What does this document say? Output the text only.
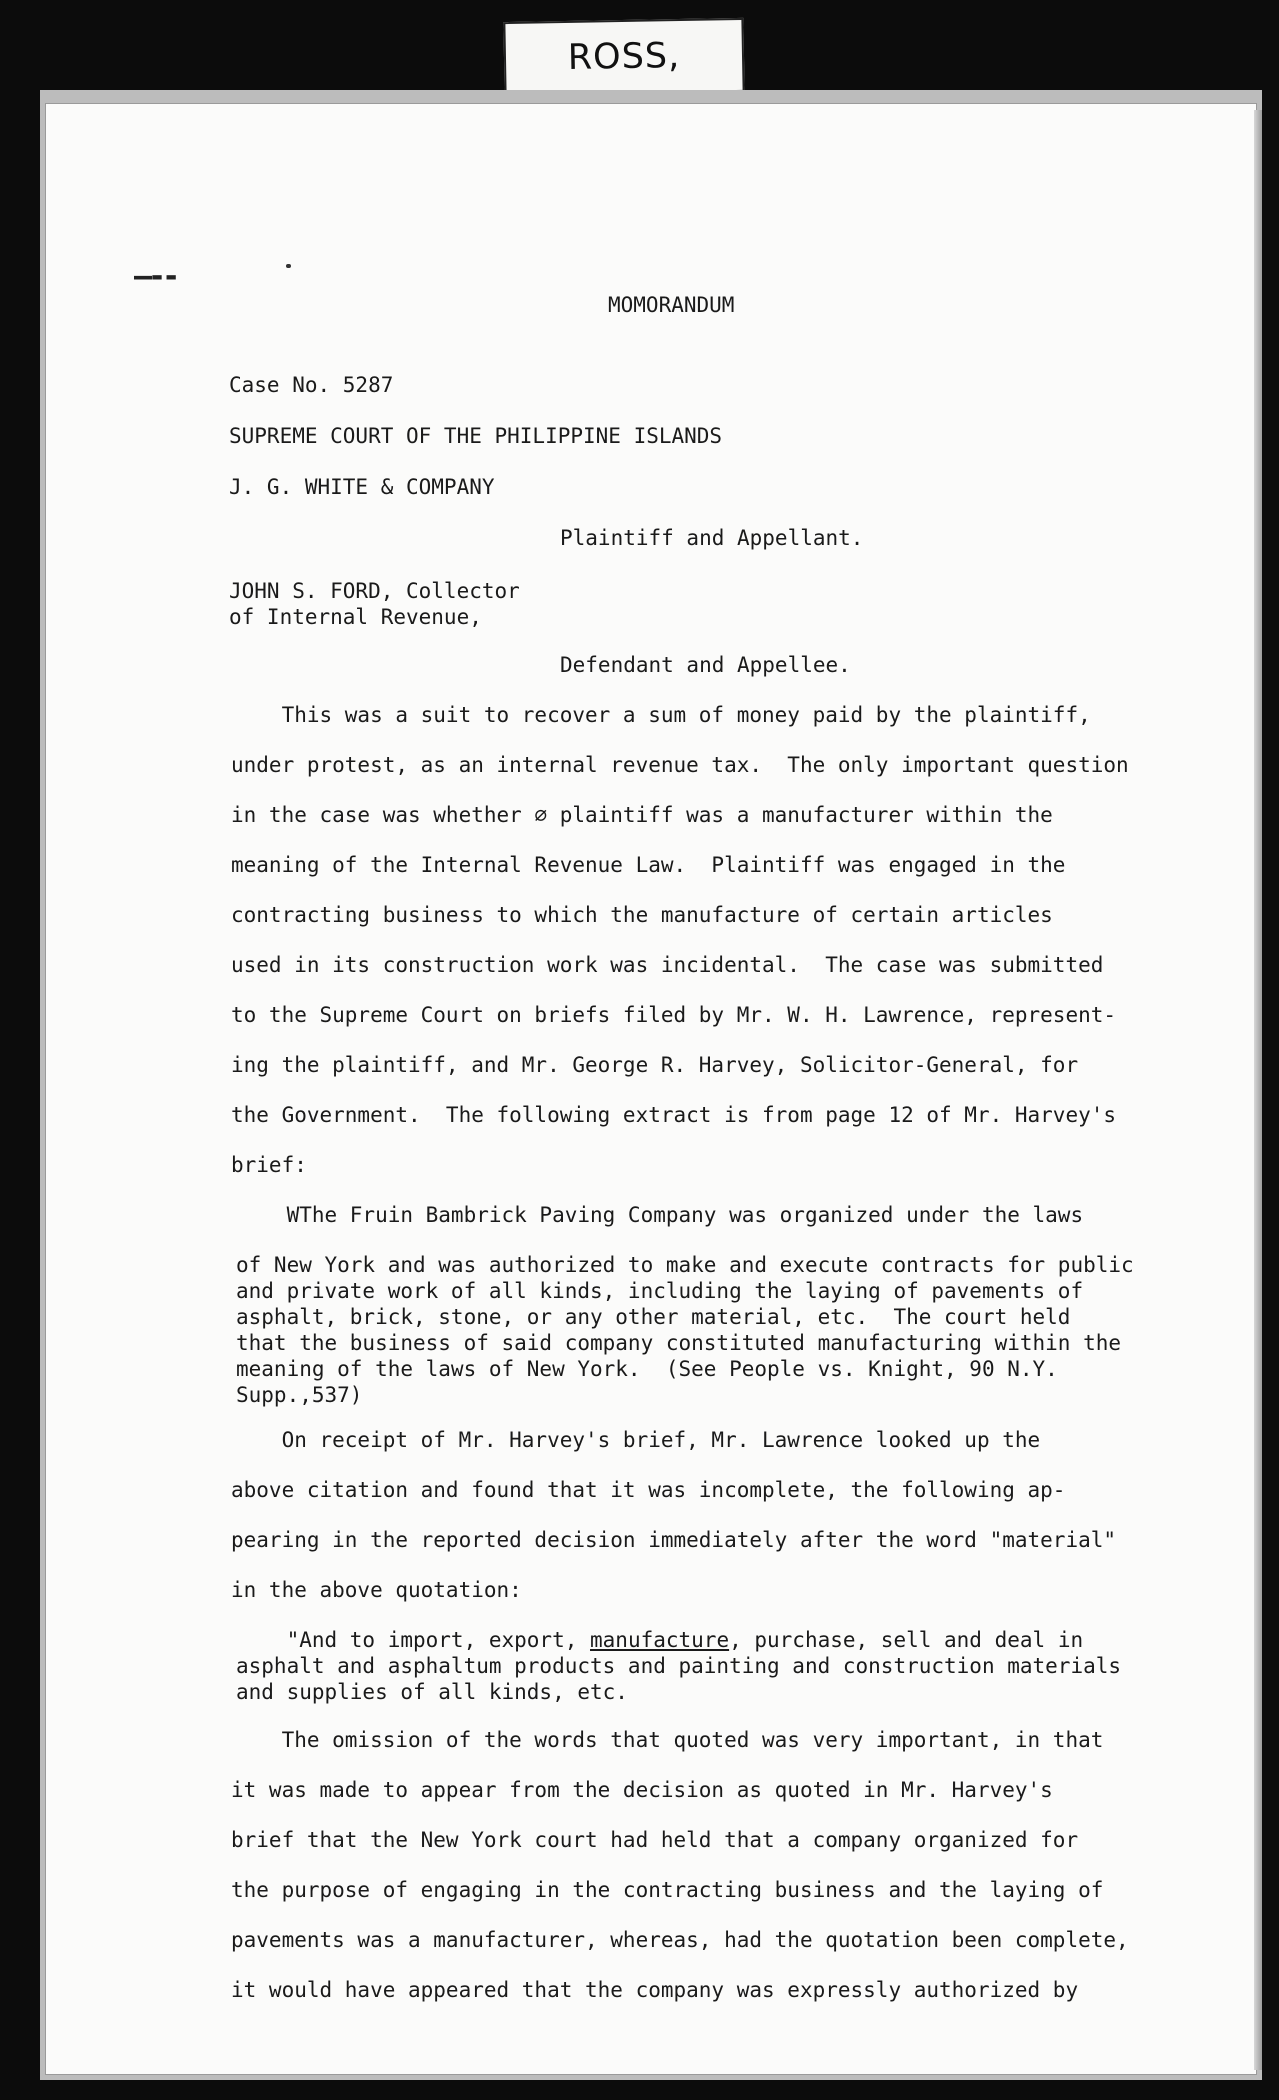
ROSS,
—--
MOMORANDUM
Case No. 5287
SUPREME COURT OF THE PHILIPPINE ISLANDS
J. G. WHITE & COMPANY
Plaintiff and Appellant.
JOHN S. FORD, Collector
of Internal Revenue,
Defendant and Appellee.
This was a suit to recover a sum of money paid by the plaintiff,
under protest, as an internal revenue tax.  The only important question
in the case was whether ∅ plaintiff was a manufacturer within the
meaning of the Internal Revenue Law.  Plaintiff was engaged in the
contracting business to which the manufacture of certain articles
used in its construction work was incidental.  The case was submitted
to the Supreme Court on briefs filed by Mr. W. H. Lawrence, represent-
ing the plaintiff, and Mr. George R. Harvey, Solicitor-General, for
the Government.  The following extract is from page 12 of Mr. Harvey's
brief:
WThe Fruin Bambrick Paving Company was organized under the laws
of New York and was authorized to make and execute contracts for public
and private work of all kinds, including the laying of pavements of
asphalt, brick, stone, or any other material, etc.  The court held
that the business of said company constituted manufacturing within the
meaning of the laws of New York.  (See People vs. Knight, 90 N.Y.
Supp.,537)
On receipt of Mr. Harvey's brief, Mr. Lawrence looked up the
above citation and found that it was incomplete, the following ap-
pearing in the reported decision immediately after the word "material"
in the above quotation:
"And to import, export, manufacture, purchase, sell and deal in
asphalt and asphaltum products and painting and construction materials
and supplies of all kinds, etc.
The omission of the words that quoted was very important, in that
it was made to appear from the decision as quoted in Mr. Harvey's
brief that the New York court had held that a company organized for
the purpose of engaging in the contracting business and the laying of
pavements was a manufacturer, whereas, had the quotation been complete,
it would have appeared that the company was expressly authorized by
